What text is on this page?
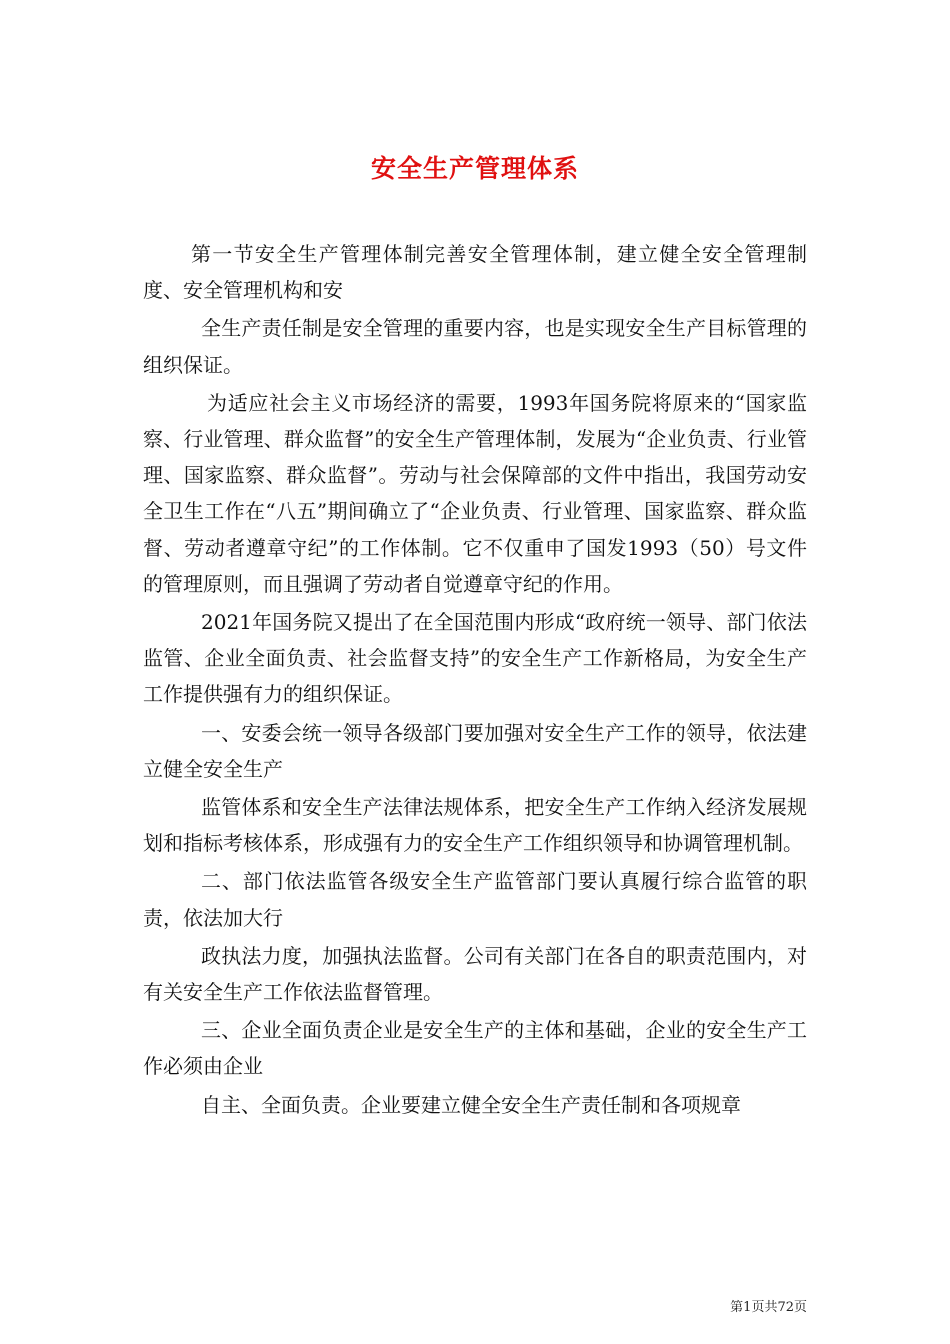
安全生产管理体系

第一节安全生产管理体制完善安全管理体制，建立健全安全管理制度、安全管理机构和安

全生产责任制是安全管理的重要内容，也是实现安全生产目标管理的组织保证。

为适应社会主义市场经济的需要，1993年国务院将原来的“国家监察、行业管理、群众监督”的安全生产管理体制，发展为“企业负责、行业管理、国家监察、群众监督”。劳动与社会保障部的文件中指出，我国劳动安全卫生工作在“八五”期间确立了“企业负责、行业管理、国家监察、群众监督、劳动者遵章守纪”的工作体制。它不仅重申了国发1993（50）号文件的管理原则，而且强调了劳动者自觉遵章守纪的作用。

2021年国务院又提出了在全国范围内形成“政府统一领导、部门依法监管、企业全面负责、社会监督支持”的安全生产工作新格局，为安全生产工作提供强有力的组织保证。

一、安委会统一领导各级部门要加强对安全生产工作的领导，依法建立健全安全生产

监管体系和安全生产法律法规体系，把安全生产工作纳入经济发展规划和指标考核体系，形成强有力的安全生产工作组织领导和协调管理机制。

二、部门依法监管各级安全生产监管部门要认真履行综合监管的职责，依法加大行

政执法力度，加强执法监督。公司有关部门在各自的职责范围内，对有关安全生产工作依法监督管理。

三、企业全面负责企业是安全生产的主体和基础，企业的安全生产工作必须由企业

自主、全面负责。企业要建立健全安全生产责任制和各项规章

第1页共72页
